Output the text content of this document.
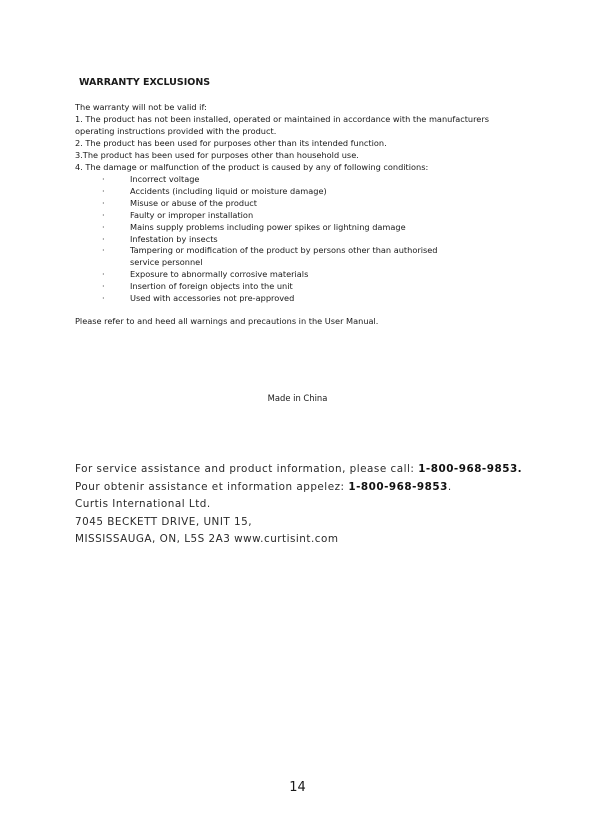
WARRANTY EXCLUSIONS
The warranty will not be valid if:
1. The product has not been installed, operated or maintained in accordance with the manufacturers
operating instructions provided with the product.
2. The product has been used for purposes other than its intended function.
3.The product has been used for purposes other than household use.
4. The damage or malfunction of the product is caused by any of following conditions:
·	Incorrect voltage
·	Accidents (including liquid or moisture damage)
·	Misuse or abuse of the product
·	Faulty or improper installation
·	Mains supply problems including power spikes or lightning damage
·	Infestation by insects
·	Tampering or modification of the product by persons other than authorised service personnel
·	Exposure to abnormally corrosive materials
·	Insertion of foreign objects into the unit
·	Used with accessories not pre-approved
Please refer to and heed all warnings and precautions in the User Manual.
Made in China
For service assistance and product information, please call: 1-800-968-9853.
Pour obtenir assistance et information appelez: 1-800-968-9853.
Curtis International Ltd.
7045 BECKETT DRIVE, UNIT 15,
MISSISSAUGA, ON, L5S 2A3 www.curtisint.com
14
